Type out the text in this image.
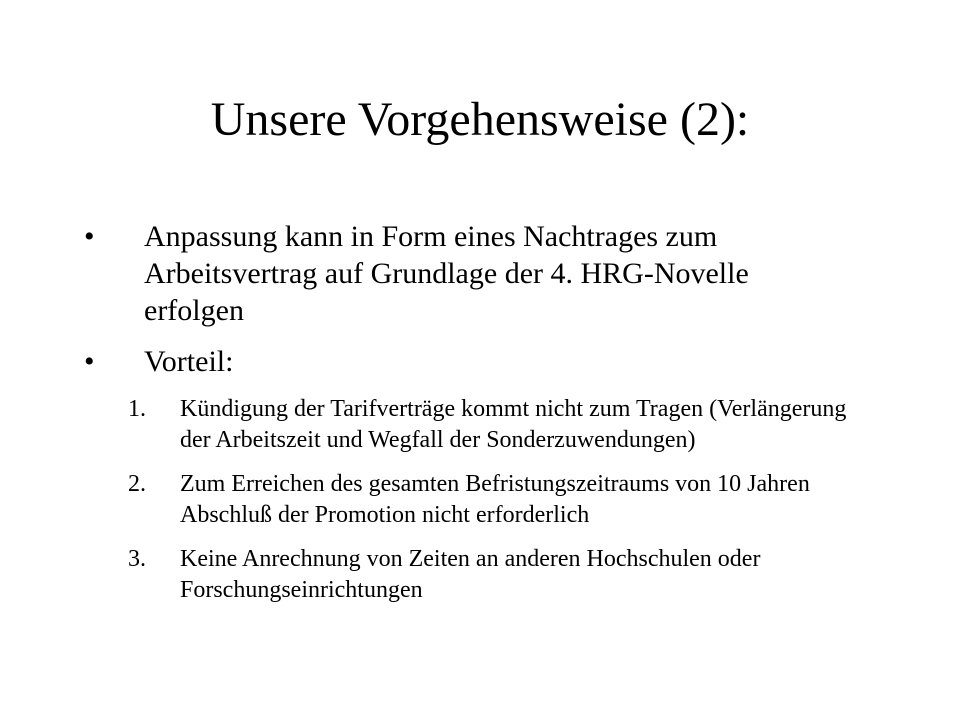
Unsere Vorgehensweise (2):
•	Anpassung kann in Form eines Nachtrages zum Arbeitsvertrag auf Grundlage der 4. HRG-Novelle erfolgen
•	Vorteil:
1.	Kündigung der Tarifverträge kommt nicht zum Tragen (Verlängerung der Arbeitszeit und Wegfall der Sonderzuwendungen)
2.	Zum Erreichen des gesamten Befristungszeitraums von 10 Jahren Abschluß der Promotion nicht erforderlich
3.	Keine Anrechnung von Zeiten an anderen Hochschulen oder Forschungseinrichtungen
